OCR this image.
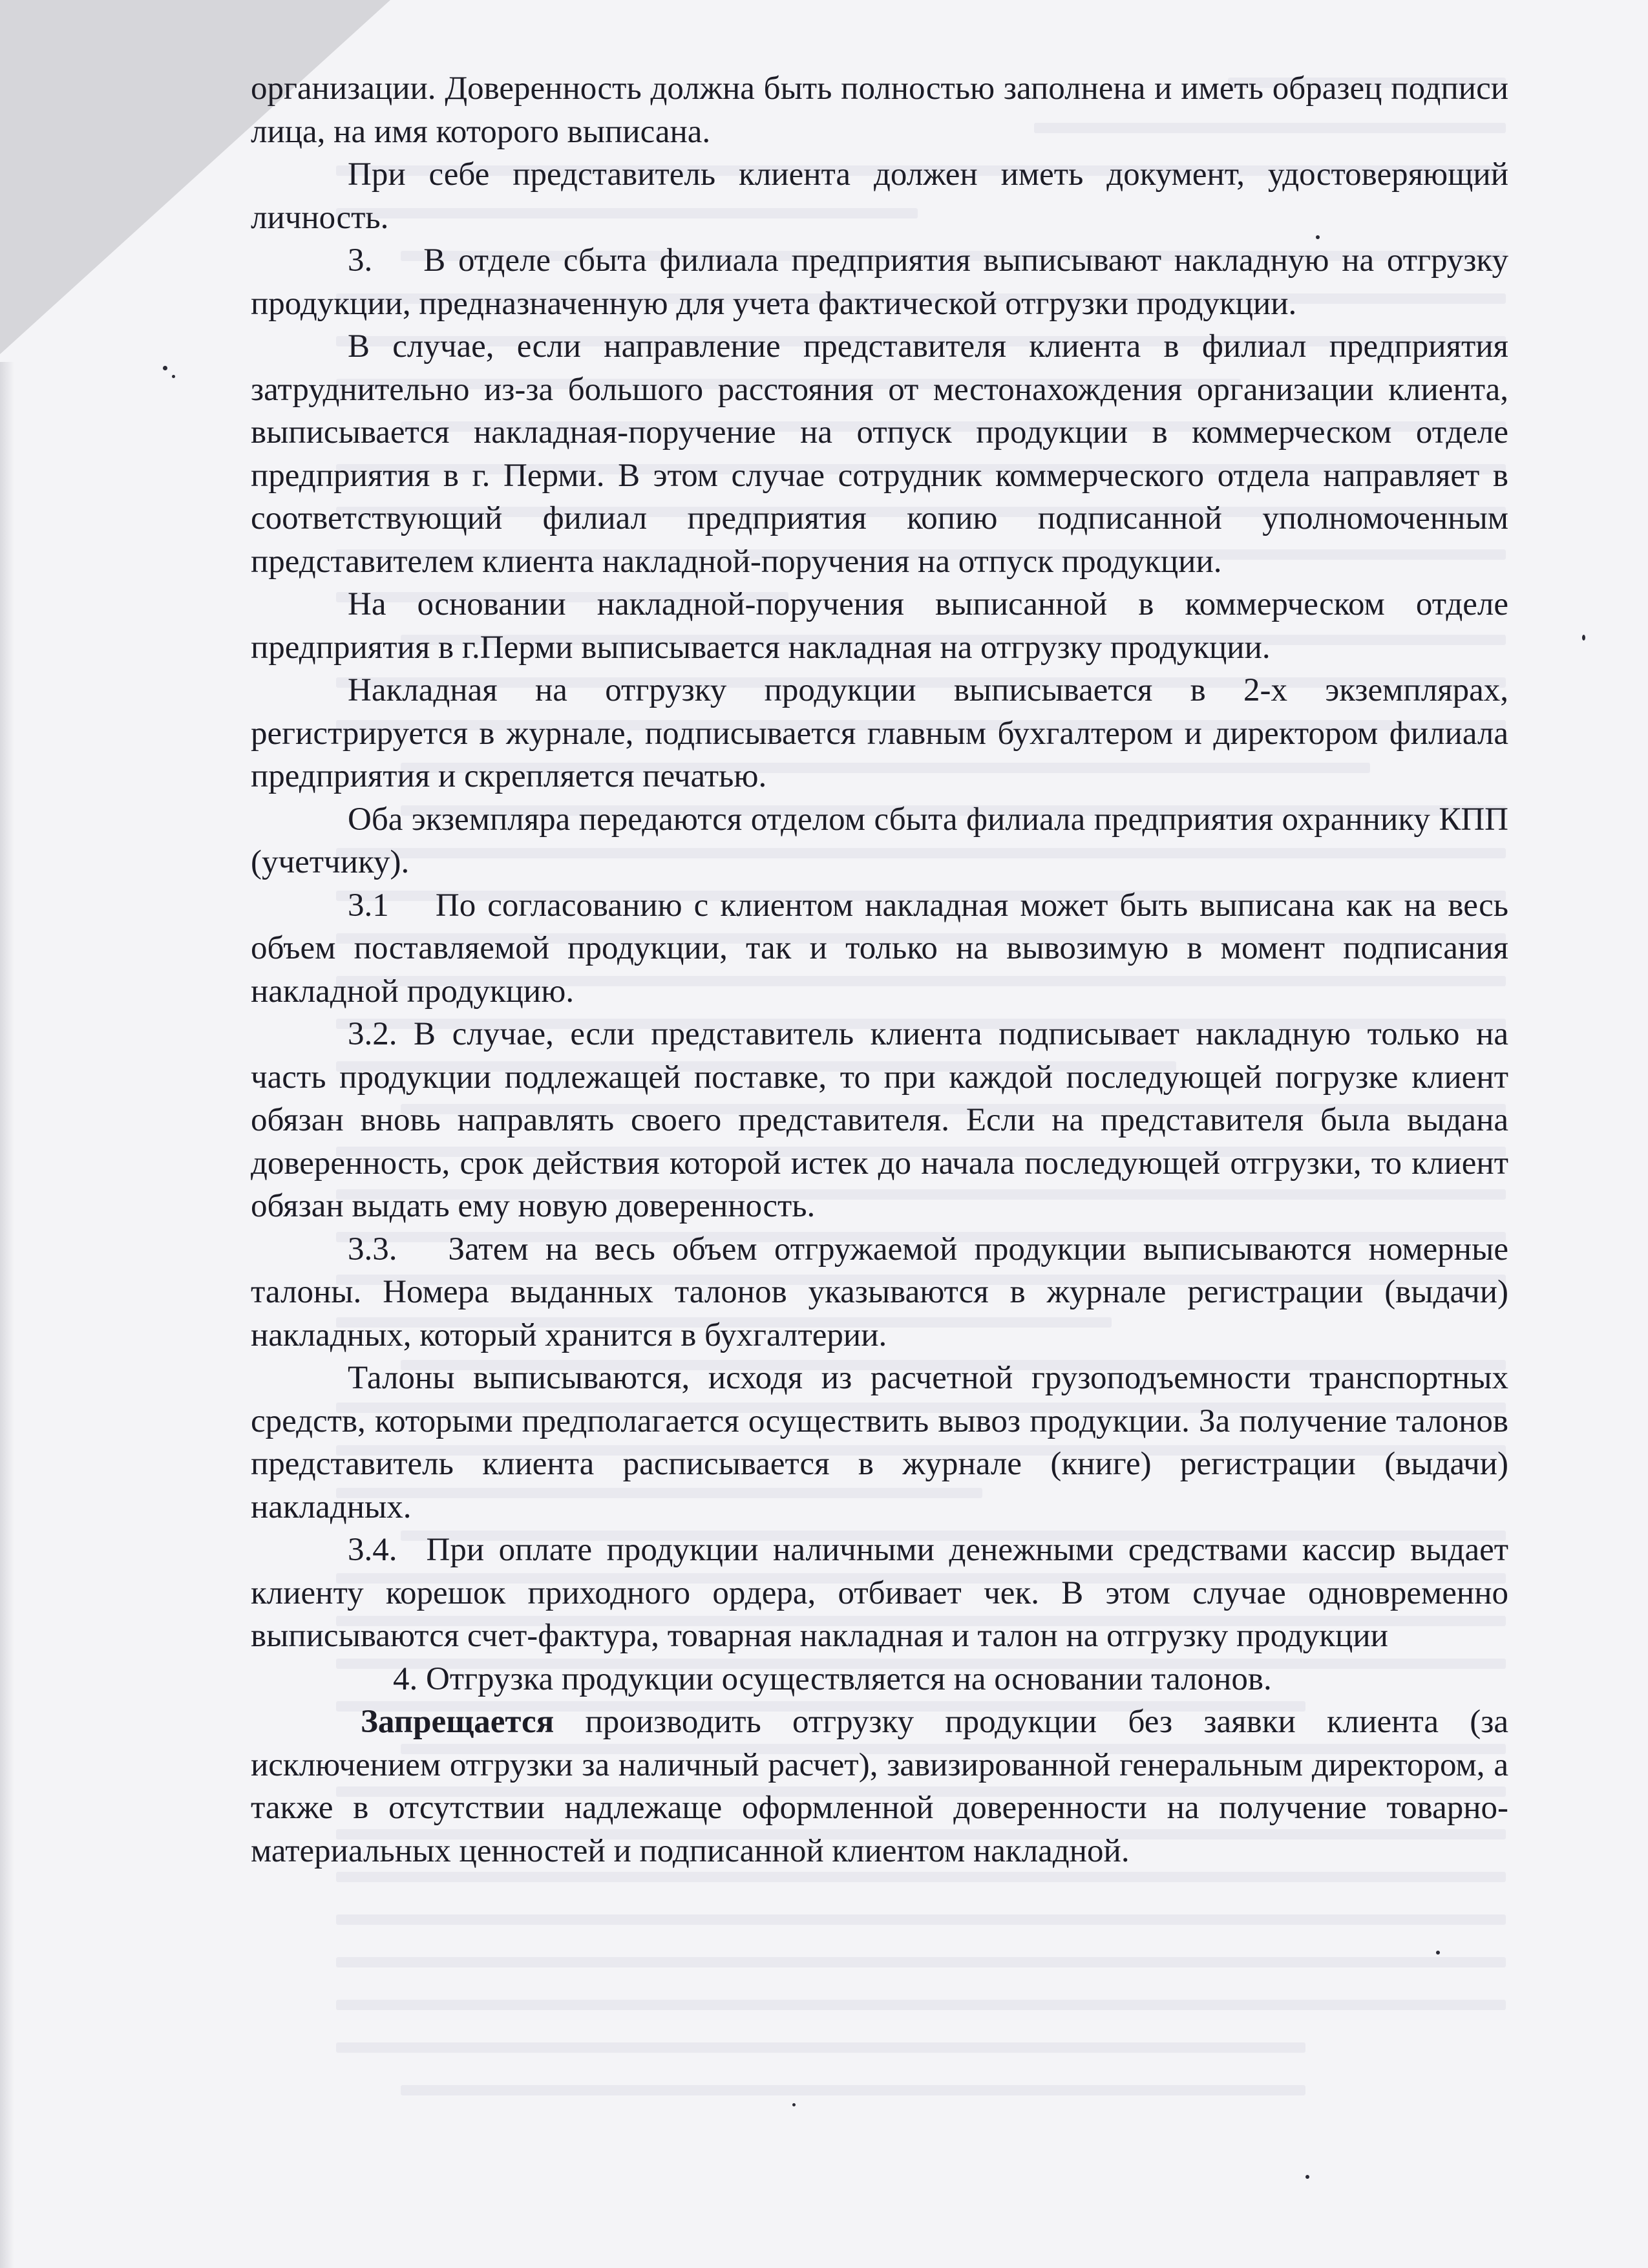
организации. Доверенность должна быть полностью заполнена и иметь образец подписи лица, на имя которого выписана.

При себе представитель клиента должен иметь документ, удостоверяющий личность.

3.    В отделе сбыта филиала предприятия выписывают накладную на отгрузку продукции, предназначенную для учета фактической отгрузки продукции.

В случае, если направление представителя клиента в филиал предприятия затруднительно из-за большого расстояния от местонахождения организации клиента, выписывается накладная-поручение на отпуск продукции в коммерческом отделе предприятия в г. Перми. В этом случае сотрудник коммерческого отдела направляет в соответствующий филиал предприятия копию подписанной уполномоченным представителем клиента накладной-поручения на отпуск продукции.

На основании накладной-поручения выписанной в коммерческом отделе предприятия в г.Перми выписывается накладная на отгрузку продукции.

Накладная на отгрузку продукции выписывается в 2-х экземплярах, регистрируется в журнале, подписывается главным бухгалтером и директором филиала предприятия и скрепляется печатью.

Оба экземпляра передаются отделом сбыта филиала предприятия охраннику КПП (учетчику).

3.1    По согласованию с клиентом накладная может быть выписана как на весь объем поставляемой продукции, так и только на вывозимую в момент подписания накладной продукцию.

3.2. В случае, если представитель клиента подписывает накладную только на часть продукции подлежащей поставке, то при каждой последующей погрузке клиент обязан вновь направлять своего представителя. Если на представителя была выдана доверенность, срок действия которой истек до начала последующей отгрузки, то клиент обязан выдать ему новую доверенность.

3.3.   Затем на весь объем отгружаемой продукции выписываются номерные талоны. Номера выданных талонов указываются в журнале регистрации (выдачи) накладных, который хранится в бухгалтерии.

Талоны выписываются, исходя из расчетной грузоподъемности транспортных средств, которыми предполагается осуществить вывоз продукции. За получение талонов представитель клиента расписывается в журнале (книге) регистрации (выдачи) накладных.

3.4.  При оплате продукции наличными денежными средствами кассир выдает клиенту корешок приходного ордера, отбивает чек. В этом случае одновременно выписываются счет-фактура, товарная накладная и талон на отгрузку продукции

4. Отгрузка продукции осуществляется на основании талонов.

Запрещается производить отгрузку продукции без заявки клиента (за исключением отгрузки за наличный расчет), завизированной генеральным директором, а также в отсутствии надлежаще оформленной доверенности на получение товарно-материальных ценностей и подписанной клиентом накладной.
